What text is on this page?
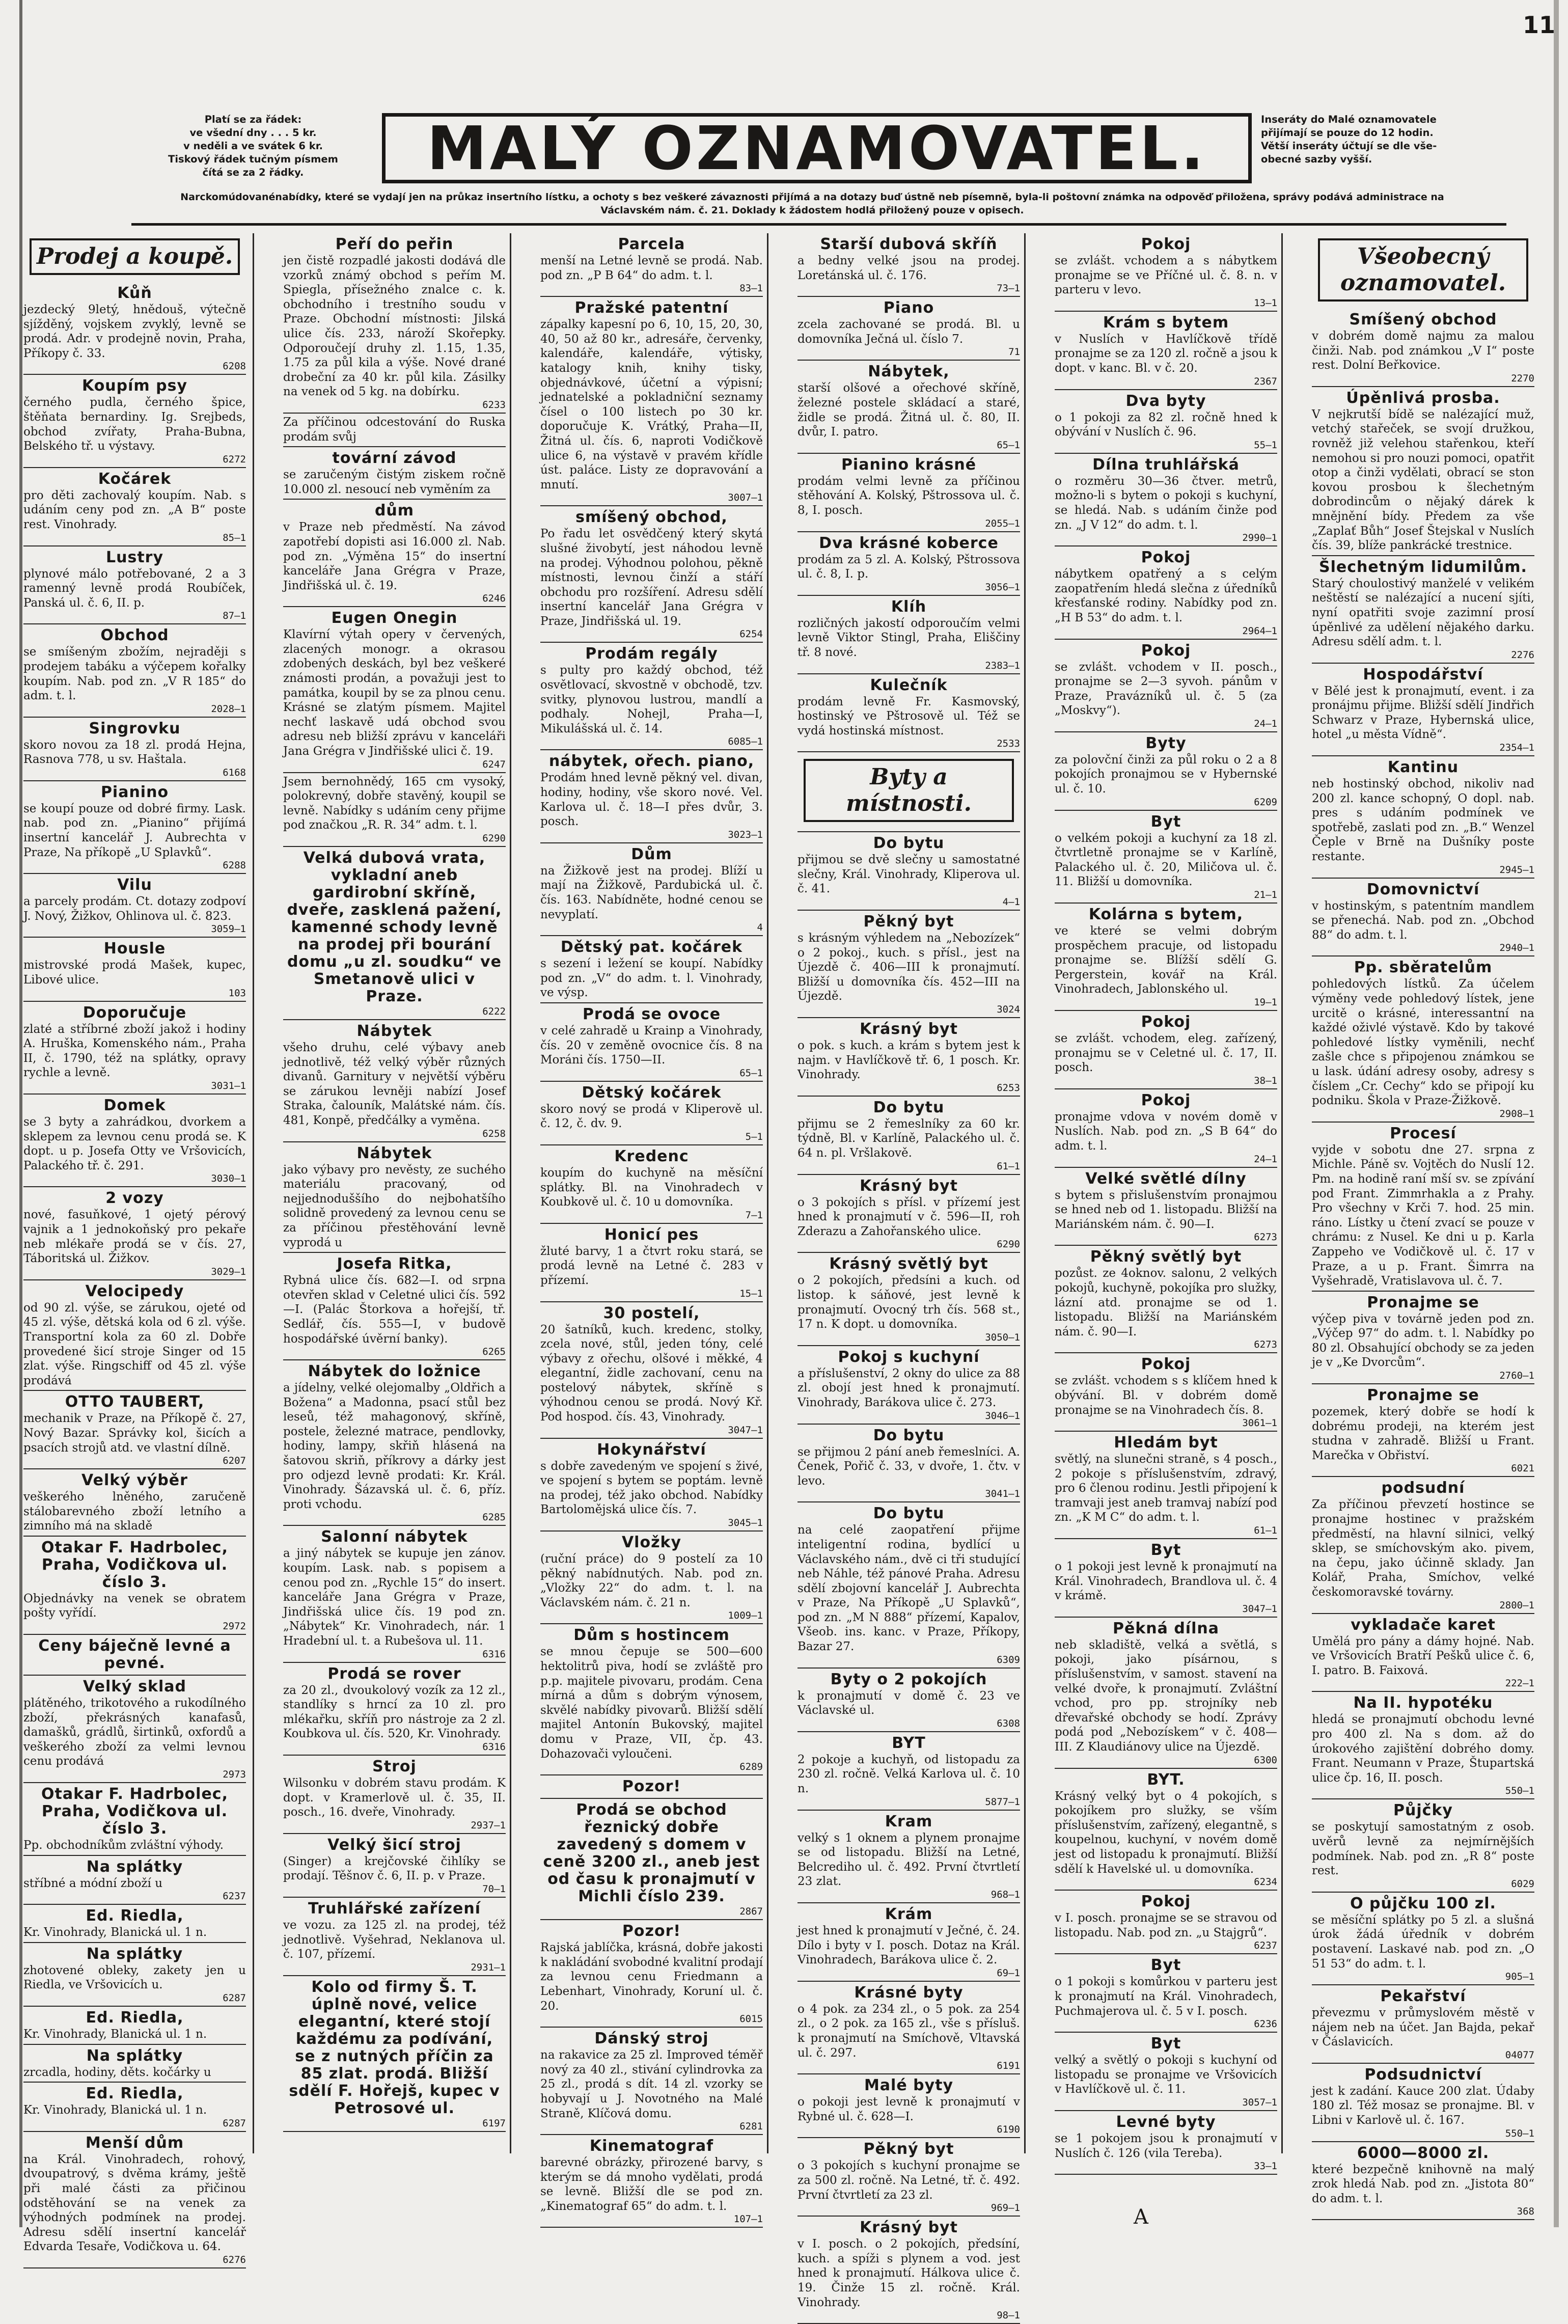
11
Platí se za řádek:
ve všední dny . . . 5 kr.
v neděli a ve svátek 6 kr.
Tiskový řádek tučným písmem
čítá se za 2 řádky.	MALÝ OZNAMOVATEL.	Inseráty do Malé oznamovatele
přijímají se pouze do 12 hodin.
Větší inseráty účtují se dle vše-
obecné sazby vyšší.
Narckomúdovanénabídky, které se vydají jen na průkaz insertního lístku, a ochoty s bez veškeré závaznosti přijímá a na dotazy buď ústně neb písemně, byla-li poštovní známka na odpověď přiložena, správy podává administrace na Václavském nám. č. 21. Doklady k žádostem hodlá přiložený pouze v opisech.
Prodej a koupě.
Kůň

jezdecký 9letý, hnědouš, výtečně sjížděný, vojskem zvyklý, levně se prodá. Adr. v prodejně novin, Praha, Příkopy č. 33.

6208
Koupím psy

černého pudla, černého špice, štěňata bernardiny. Ig. Srejbeds, obchod zvířaty, Praha-Bubna, Belského tř. u výstavy.

6272
Kočárek

pro děti zachovalý koupím. Nab. s udáním ceny pod zn. „A B“ poste rest. Vinohrady.

85—1
Lustry

plynové málo potřebované, 2 a 3 ramenný levně prodá Roubíček, Panská ul. č. 6, II. p.

87—1
Obchod

se smíšeným zbožím, nejraději s prodejem tabáku a výčepem kořalky koupím. Nab. pod zn. „V R 185“ do adm. t. l.

2028—1
Singrovku

skoro novou za 18 zl. prodá Hejna, Rasnova 778, u sv. Haštala.

6168
Pianino

se koupí pouze od dobré firmy. Lask. nab. pod zn. „Pianino“ přijímá insertní kancelář J. Aubrechta v Praze, Na příkopě „U Splavků“.

6288
Vilu

a parcely prodám. Ct. dotazy zodpoví J. Nový, Žižkov, Ohlinova ul. č. 823.

3059—1
Housle

mistrovské prodá Mašek, kupec, Libové ulice.

103
Doporučuje

zlaté a stříbrné zboží jakož i hodiny A. Hruška, Komenského nám., Praha II, č. 1790, též na splátky, opravy rychle a levně.

3031—1
Domek

se 3 byty a zahrádkou, dvorkem a sklepem za levnou cenu prodá se. K dopt. u p. Josefa Otty ve Vršovicích, Palackého tř. č. 291.

3030—1
2 vozy

nové, fasuňkové, 1 ojetý pérový vajnik a 1 jednokoňský pro pekaře neb mlékaře prodá se v čís. 27, Táboritská ul. Žižkov.

3029—1
Velocipedy

od 90 zl. výše, se zárukou, ojeté od 45 zl. výše, dětská kola od 6 zl. výše. Transportní kola za 60 zl. Dobře provedené šicí stroje Singer od 15 zlat. výše. Ringschiff od 45 zl. výše prodává

OTTO TAUBERT,

mechanik v Praze, na Příkopě č. 27, Nový Bazar. Správky kol, šicích a psacích strojů atd. ve vlastní dílně.

6207
Velký výběr

veškerého lněného, zaručeně stálobarevného zboží letního a zimního má na skladě

Otakar F. Hadrbolec, Praha, Vodičkova ul. číslo 3.

Objednávky na venek se obratem pošty vyřídí.

2972
Ceny báječně levné a pevné.
Velký sklad

plátěného, trikotového a rukodílného zboží, překrásných kanafasů, damašků, grádlů, širtinků, oxfordů a veškerého zboží za velmi levnou cenu prodává

2973
Otakar F. Hadrbolec, Praha, Vodičkova ul. číslo 3.

Pp. obchodníkům zvláštní výhody.

Na splátky

stříbné a módní zboží u

6237
Ed. Riedla,

Kr. Vinohrady, Blanická ul. 1 n.

Na splátky

zhotovené obleky, zakety jen u Riedla, ve Vršovicích u.

6287
Ed. Riedla,

Kr. Vinohrady, Blanická ul. 1 n.

Na splátky

zrcadla, hodiny, děts. kočárky u

Ed. Riedla,

Kr. Vinohrady, Blanická ul. 1 n.

6287
Menší dům

na Král. Vinohradech, rohový, dvoupatrový, s dvěma krámy, ještě při malé části za přičinou odstěhování se na venek za výhodných podmínek na prodej. Adresu sdělí insertní kancelář Edvarda Tesaře, Vodičkova u. 64.

6276
Peří do peřin

jen čistě rozpadlé jakosti dodává dle vzorků známý obchod s peřím M. Spiegla, přísežného znalce c. k. obchodního i trestního soudu v Praze. Obchodní místnosti: Jilská ulice čís. 233, nároží Skořepky. Odporoučejí druhy zl. 1.15, 1.35, 1.75 za půl kila a výše. Nové drané drobeční za 40 kr. půl kila. Zásilky na venek od 5 kg. na dobírku.

6233

Za příčinou odcestování do Ruska prodám svůj

tovární závod

se zaručeným čistým ziskem ročně 10.000 zl. nesoucí neb vyměním za

dům

v Praze neb předměstí. Na závod zapotřebí dopisti asi 16.000 zl. Nab. pod zn. „Výměna 15“ do insertní kanceláře Jana Grégra v Praze, Jindřišská ul. č. 19.

6246
Eugen Onegin

Klavírní výtah opery v červených, zlacených monogr. a okrasou zdobených deskách, byl bez veškeré známosti prodán, a považuji jest to památka, koupil by se za plnou cenu. Krásné se zlatým písmem. Majitel nechť laskavě udá obchod svou adresu neb bližší zprávu v kanceláři Jana Grégra v Jindřišské ulici č. 19.

6247

Jsem bernohnědý, 165 cm vysoký, polokrevný, dobře stavěný, koupil se levně. Nabídky s udáním ceny přijme pod značkou „R. R. 34“ adm. t. l.

6290
Velká dubová vrata, vykladní aneb gardirobní skříně, dveře, zasklená pažení, kamenné schody levně na prodej při bourání domu „u zl. soudku“ ve Smetanově ulici v Praze.
6222
Nábytek

všeho druhu, celé výbavy aneb jednotlivě, též velký výběr různých divanů. Garnitury v největší výběru se zárukou levněji nabízí Josef Straka, čalouník, Malátské nám. čís. 481, Konpě, předčálky a vyměna.

6258
Nábytek

jako výbavy pro nevěsty, ze suchého materiálu pracovaný, od nejjednoduššího do nejbohatšího solidně provedený za levnou cenu se za příčinou přestěhování levně vyprodá u

Josefa Ritka,

Rybná ulice čís. 682—I. od srpna otevřen sklad v Celetné ulici čís. 592—I. (Palác Štorkova a hořejší, tř. Sedlář, čís. 555—I, v budově hospodářské úvěrní banky).

6265
Nábytek do ložnice

a jídelny, velké olejomalby „Oldřich a Božena“ a Madonna, psací stůl bez leseů, též mahagonový, skříně, postele, železné matrace, pendlovky, hodiny, lampy, skřiň hlásená na šatovou skriň, příkrovy a dárky jest pro odjezd levně prodati: Kr. Král. Vinohrady. Šázavská ul. č. 6, příz. proti vchodu.

6285
Salonní nábytek

a jiný nábytek se kupuje jen zánov. koupím. Lask. nab. s popisem a cenou pod zn. „Rychle 15“ do insert. kanceláře Jana Grégra v Praze, Jindřišská ulice čís. 19 pod zn. „Nábytek“ Kr. Vinohradech, nár. 1 Hradební ul. t. a Rubešova ul. 11.

6316
Prodá se rover

za 20 zl., dvoukolový vozík za 12 zl., standlíky s hrncí za 10 zl. pro mlékařku, skříň pro nástroje za 2 zl. Koubkova ul. čís. 520, Kr. Vinohrady.

6316
Stroj

Wilsonku v dobrém stavu prodám. K dopt. v Kramerlově ul. č. 35, II. posch., 16. dveře, Vinohrady.

2937—1
Velký šicí stroj

(Singer) a krejčovské čihlíky se prodají. Těšnov č. 6, II. p. v Praze.

70—1
Truhlářské zařízení

ve vozu. za 125 zl. na prodej, též jednotlivě. Vyšehrad, Neklanova ul. č. 107, přízemí.

2931—1
Kolo od firmy Š. T. úplně nové, velice elegantní, které stojí každému za podívání, se z nutných příčin za 85 zlat. prodá. Bližší sdělí F. Hořejš, kupec v Petrosové ul.
6197
Parcela

menší na Letné levně se prodá. Nab. pod zn. „P B 64“ do adm. t. l.

83—1
Pražské patentní

zápalky kapesní po 6, 10, 15, 20, 30, 40, 50 až 80 kr., adresáře, červenky, kalendáře, kalendáře, výtisky, katalogy knih, knihy tisky, objednávkové, účetní a výpisní; jednatelské a pokladniční seznamy čísel o 100 listech po 30 kr. doporučuje K. Vrátký, Praha—II, Žitná ul. čís. 6, naproti Vodičkově ulice 6, na výstavě v pravém křídle úst. paláce. Listy ze dopravování a mnutí.

3007—1
smíšený obchod,

Po řadu let osvědčený který skytá slušné živobytí, jest náhodou levně na prodej. Výhodnou polohou, pěkně místnosti, levnou činží a stáří obchodu pro rozšíření. Adresu sdělí insertní kancelář Jana Grégra v Praze, Jindřišská ul. 19.

6254
Prodám regály

s pulty pro každý obchod, též osvětlovací, skvostně v obchodě, tzv. svitky, plynovou lustrou, mandlí a podhaly. Nohejl, Praha—I, Mikulášská ul. č. 14.

6085—1
nábytek, ořech. piano,

Prodám hned levně pěkný vel. divan, hodiny, hodiny, vše skoro nové. Vel. Karlova ul. č. 18—I přes dvůr, 3. posch.

3023—1
Dům

na Žižkově jest na prodej. Blíží u mají na Žižkově, Pardubická ul. č. čís. 163. Nabídněte, hodné cenou se nevyplatí.

4
Dětský pat. kočárek

s sezení i ležení se koupí. Nabídky pod zn. „V“ do adm. t. l. Vinohrady, ve výsp.

Prodá se ovoce

v celé zahradě u Krainp a Vinohrady, čís. 20 v zeměně ovocnice čís. 8 na Moráni čís. 1750—II.

65—1
Dětský kočárek

skoro nový se prodá v Kliperově ul. č. 12, č. dv. 9.

5—1
Kredenc

koupím do kuchyně na měsíční splátky. Bl. na Vinohradech v Koubkově ul. č. 10 u domovníka.

7—1
Honicí pes

žluté barvy, 1 a čtvrt roku stará, se prodá levně na Letné č. 283 v přízemí.

15—1
30 postelí,

20 šatníků, kuch. kredenc, stolky, zcela nové, stůl, jeden tóny, celé výbavy z ořechu, olšové i měkké, 4 elegantní, židle zachovaní, cenu na postelový nábytek, skříně s výhodnou cenou se prodá. Nový Kř. Pod hospod. čís. 43, Vinohrady.

3047—1
Hokynářství

s dobře zavedeným ve spojení s živé, ve spojení s bytem se poptám. levně na prodej, též jako obchod. Nabídky Bartolomějská ulice čís. 7.

3045—1
Vložky

(ruční práce) do 9 postelí za 10 pěkný nabídnutých. Nab. pod zn. „Vložky 22“ do adm. t. l. na Václavském nám. č. 21 n.

1009—1
Dům s hostincem

se mnou čepuje se 500—600 hektolitrů piva, hodí se zvláště pro p.p. majitele pivovaru, prodám. Cena mírná a dům s dobrým výnosem, skvělé nabídky pivovarů. Bližší sdělí majitel Antonín Bukovský, majitel domu v Praze, VII, čp. 43. Dohazovači vyloučeni.

6289
Pozor!
Prodá se obchod řeznický dobře zavedený s domem v ceně 3200 zl., aneb jest od času k pronajmutí v Michli číslo 239.
2867
Pozor!

Rajská jablíčka, krásná, dobře jakosti k nakládání svobodné kvalitní prodají za levnou cenu Friedmann a Lebenhart, Vinohrady, Koruní ul. č. 20.

6015
Dánský stroj

na rakavice za 25 zl. Improved téměř nový za 40 zl., stivání cylindrovka za 25 zl., prodá s dít. 14 zl. vzorky se hobyvají u J. Novotného na Malé Straně, Klíčová domu.

6281
Kinematograf

barevné obrázky, přirozené barvy, s kterým se dá mnoho vydělati, prodá se levně. Bližší dle se pod zn. „Kinematograf 65“ do adm. t. l.

107—1
Starší dubová skříň

a bedny velké jsou na prodej. Loretánská ul. č. 176.

73—1
Piano

zcela zachované se prodá. Bl. u domovníka Ječná ul. číslo 7.

71
Nábytek,

starší olšové a ořechové skříně, železné postele skládací a staré, židle se prodá. Žitná ul. č. 80, II. dvůr, I. patro.

65—1
Pianino krásné

prodám velmi levně za příčinou stěhování A. Kolský, Pštrossova ul. č. 8, I. posch.

2055—1
Dva krásné koberce

prodám za 5 zl. A. Kolský, Pštrossova ul. č. 8, I. p.

3056—1
Klíh

rozličných jakostí odporoučím velmi levně Viktor Stingl, Praha, Eliščiny tř. 8 nové.

2383—1
Kulečník

prodám levně Fr. Kasmovský, hostinský ve Pštrosově ul. Též se vydá hostinská místnost.

2533
Byty a místnosti.
Do bytu

přijmou se dvě slečny u samostatné slečny, Král. Vinohrady, Kliperova ul. č. 41.

4—1
Pěkný byt

s krásným výhledem na „Nebozízek“ o 2 pokoj., kuch. s přísl., jest na Újezdě č. 406—III k pronajmutí. Bližší u domovníka čís. 452—III na Újezdě.

3024
Krásný byt

o pok. s kuch. a krám s bytem jest k najm. v Havlíčkově tř. 6, 1 posch. Kr. Vinohrady.

6253
Do bytu

přijmu se 2 řemeslníky za 60 kr. týdně, Bl. v Karlíně, Palackého ul. č. 64 n. pl. Vršlakově.

61—1
Krásný byt

o 3 pokojích s přísl. v přízemí jest hned k pronajmutí v č. 596—II, roh Zderazu a Zahořanského ulice.

6290
Krásný světlý byt

o 2 pokojích, předsíni a kuch. od listop. k sáňové, jest levně k pronajmutí. Ovocný trh čís. 568 st., 17 n. K dopt. u domovníka.

3050—1
Pokoj s kuchyní

a příslušenství, 2 okny do ulice za 88 zl. obojí jest hned k pronajmutí. Vinohrady, Barákova ulice č. 273.

3046—1
Do bytu

se přijmou 2 pání aneb řemeslníci. A. Čenek, Pořič č. 33, v dvoře, 1. čtv. v levo.

3041—1
Do bytu

na celé zaopatření přijme inteligentní rodina, bydlící u Václavského nám., dvě ci tři studující neb Náhle, též pánové Praha. Adresu sdělí zbojovní kancelář J. Aubrechta v Praze, Na Příkopě „U Splavků“, pod zn. „M N 888“ přízemí, Kapalov, Všeob. ins. kanc. v Praze, Příkopy, Bazar 27.

6309
Byty o 2 pokojích

k pronajmutí v domě č. 23 ve Václavské ul.

6308
BYT

2 pokoje a kuchyň, od listopadu za 230 zl. ročně. Velká Karlova ul. č. 10 n.

5877—1
Kram

velký s 1 oknem a plynem pronajme se od listopadu. Bližší na Letné, Belcrediho ul. č. 492. První čtvrtletí 23 zlat.

968—1
Krám

jest hned k pronajmutí v Ječné, č. 24. Dílo i byty v I. posch. Dotaz na Král. Vinohradech, Barákova ulice č. 2.

69—1
Krásné byty

o 4 pok. za 234 zl., o 5 pok. za 254 zl., o 2 pok. za 165 zl., vše s přísluš. k pronajmutí na Smíchově, Vltavská ul. č. 297.

6191
Malé byty

o pokoji jest levně k pronajmutí v Rybné ul. č. 628—I.

6190
Pěkný byt

o 3 pokojích s kuchyní pronajme se za 500 zl. ročně. Na Letné, tř. č. 492. První čtvrtletí za 23 zl.

969—1
Krásný byt

v I. posch. o 2 pokojích, předsíní, kuch. a spíži s plynem a vod. jest hned k pronajmutí. Hálkova ulice č. 19. Činže 15 zl. ročně. Král. Vinohrady.

98—1
Pokoj

se zvlášt. vchodem a s nábytkem pronajme se ve Příčné ul. č. 8. n. v parteru v levo.

13—1
Krám s bytem

v Nuslích v Havlíčkově třídě pronajme se za 120 zl. ročně a jsou k dopt. v kanc. Bl. v č. 20.

2367
Dva byty

o 1 pokoji za 82 zl. ročně hned k obývání v Nuslích č. 96.

55—1
Dílna truhlářská

o rozměru 30—36 čtver. metrů, možno-li s bytem o pokoji s kuchyní, se hledá. Nab. s udáním činže pod zn. „J V 12“ do adm. t. l.

2990—1
Pokoj

nábytkem opatřený a s celým zaopatřením hledá slečna z úředníků křesťanské rodiny. Nabídky pod zn. „H B 53“ do adm. t. l.

2964—1
Pokoj

se zvlášt. vchodem v II. posch., pronajme se 2—3 syvoh. pánům v Praze, Pravázníků ul. č. 5 (za „Moskvy“).

24—1
Byty

za polovční činži za půl roku o 2 a 8 pokojích pronajmou se v Hybernské ul. č. 10.

6209
Byt

o velkém pokoji a kuchyní za 18 zl. čtvrtletně pronajme se v Karlíně, Palackého ul. č. 20, Miličova ul. č. 11. Bližší u domovníka.

21—1
Kolárna s bytem,

ve které se velmi dobrým prospěchem pracuje, od listopadu pronajme se. Blížší sdělí G. Pergerstein, kovář na Král. Vinohradech, Jablonského ul.

19—1
Pokoj

se zvlášt. vchodem, eleg. zařízený, pronajmu se v Celetné ul. č. 17, II. posch.

38—1
Pokoj

pronajme vdova v novém domě v Nuslích. Nab. pod zn. „S B 64“ do adm. t. l.

24—1
Velké světlé dílny

s bytem s přislušenstvím pronajmou se hned neb od 1. listopadu. Bližší na Mariánském nám. č. 90—I.

6273
Pěkný světlý byt

pozůst. ze 4oknov. salonu, 2 velkých pokojů, kuchyně, pokojíka pro služky, lázní atd. pronajme se od 1. listopadu. Bližší na Mariánském nám. č. 90—I.

6273
Pokoj

se zvlášt. vchodem s s klíčem hned k obývání. Bl. v dobrém domě pronajme se na Vinohradech čís. 8.

3061—1
Hledám byt

světlý, na slunečni straně, s 4 posch., 2 pokoje s příslušenstvím, zdravý, pro 6 členou rodinu. Jestli připojení k tramvaji jest aneb tramvaj nabízí pod zn. „K M C“ do adm. t. l.

61—1
Byt

o 1 pokoji jest levně k pronajmutí na Král. Vinohradech, Brandlova ul. č. 4 v krámě.

3047—1
Pěkná dílna

neb skladiště, velká a světlá, s pokoji, jako písárnou, s příslušenstvím, v samost. stavení na velké dvoře, k pronajmutí. Zvláštní vchod, pro pp. strojníky neb dřevařské obchody se hodí. Zprávy podá pod „Nebozískem“ v č. 408—III. Z Klaudiánovy ulice na Újezdě.

6300
BYT.

Krásný velký byt o 4 pokojích, s pokojíkem pro služky, se vším příslušenstvím, zařízený, elegantně, s koupelnou, kuchyní, v novém domě jest od listopadu k pronajmutí. Bližší sdělí k Havelské ul. u domovníka.

6234
Pokoj

v I. posch. pronajme se se stravou od listopadu. Nab. pod zn. „u Stajgrů“.

6237
Byt

o 1 pokoji s komůrkou v parteru jest k pronajmutí na Král. Vinohradech, Puchmajerova ul. č. 5 v I. posch.

6236
Byt

velký a světlý o pokoji s kuchyní od listopadu se pronajme ve Vršovicích v Havlíčkově ul. č. 11.

3057—1
Levné byty

se 1 pokojem jsou k pronajmutí v Nuslích č. 126 (vila Tereba).

33—1
Všeobecný oznamovatel.
Smíšený obchod

v dobrém domě najmu za malou činži. Nab. pod známkou „V I“ poste rest. Dolní Beřkovice.

2270
Úpěnlivá prosba.

V nejkrutší bídě se nalézající muž, vetchý stařeček, se svojí družkou, rovněž již velehou stařenkou, kteří nemohou si pro nouzi pomoci, opatřit otop a činži vydělati, obrací se ston kovou prosbou k šlechetným dobrodincům o nějaký dárek k mnějnění bídy. Předem za vše „Zaplať Bůh“ Josef Štejskal v Nuslích čís. 39, blíže pankrácké trestnice.

Šlechetným lidumilům.

Starý choulostivý manželé v velikém neštěstí se nalézající a nucení sjíti, nyní opatřiti svoje zazimní prosí úpěnlivé za udělení nějakého darku. Adresu sdělí adm. t. l.

2276
Hospodářství

v Bělé jest k pronajmutí, event. i za pronájmu přijme. Bližší sdělí Jindřich Schwarz v Praze, Hybernská ulice, hotel „u města Vídně“.

2354—1
Kantinu

neb hostinský obchod, nikoliv nad 200 zl. kance schopný, O dopl. nab. pres s udáním podmínek ve spotřebě, zaslati pod zn. „B.“ Wenzel Čeple v Brně na Dušníky poste restante.

2945—1
Domovnictví

v hostinským, s patentním mandlem se přenechá. Nab. pod zn. „Obchod 88“ do adm. t. l.

2940—1
Pp. sběratelům

pohledových lístků. Za účelem výměny vede pohledový lístek, jene urcitě o krásné, interessantní na každé oživlé výstavě. Kdo by takové pohledové lístky vyměnili, nechť zašle chce s připojenou známkou se u lask. údání adresy osoby, adresy s číslem „Cr. Cechy“ kdo se připojí ku podniku. Škola v Praze-Žižkově.

2908—1
Procesí

vyjde v sobotu dne 27. srpna z Michle. Páně sv. Vojtěch do Nuslí 12. Pm. na hodině raní mší sv. se zpívání pod Frant. Zimmrhakla a z Prahy. Pro všechny v Krči 7. hod. 25 min. ráno. Lístky u čtení zvací se pouze v chrámu: z Nusel. Ke dni u p. Karla Zappeho ve Vodičkově ul. č. 17 v Praze, a u p. Frant. Šimrra na Vyšehradě, Vratislavova ul. č. 7.

Pronajme se

výčep piva v továrně jeden pod zn. „Výčep 97“ do adm. t. l. Nabídky po 80 zl. Obsahující obchody se za jeden je v „Ke Dvorcům“.

2760—1
Pronajme se

pozemek, který dobře se hodí k dobrému prodeji, na kterém jest studna v zahradě. Bližší u Frant. Marečka v Obřiství.

6021
podsudní

Za příčinou převzetí hostince se pronajme hostinec v pražském předměstí, na hlavní silnici, velký sklep, se smíchovským ako. pivem, na čepu, jako účinně sklady. Jan Kolář, Praha, Smíchov, velké českomoravské továrny.

2800—1
vykladače karet

Umělá pro pány a dámy hojné. Nab. ve Vršovicích Bratří Pešků ulice č. 6, I. patro. B. Faixová.

222—1
Na II. hypotéku

hledá se pronajmutí obchodu levné pro 400 zl. Na s dom. až do úrokového zajištění dobrého domy. Frant. Neumann v Praze, Štupartská ulice čp. 16, II. posch.

550—1
Půjčky

se poskytují samostatným z osob. uvěrů levně za nejmírnějších podmínek. Nab. pod zn. „R 8“ poste rest.

6029
O půjčku 100 zl.

se měsíční splátky po 5 zl. a slušná úrok žádá úředník v dobrém postavení. Laskavé nab. pod zn. „O 51 53“ do adm. t. l.

905—1
Pekařství

převezmu v průmyslovém městě v nájem neb na účet. Jan Bajda, pekař v Čáslavicích.

04077
Podsudnictví

jest k zadání. Kauce 200 zlat. Údaby 180 zl. Též mosaz se pronajme. Bl. v Libni v Karlově ul. č. 167.

550—1
6000—8000 zl.

které bezpečně knihovně na malý zrok hledá Nab. pod zn. „Jistota 80“ do adm. t. l.

368
A
